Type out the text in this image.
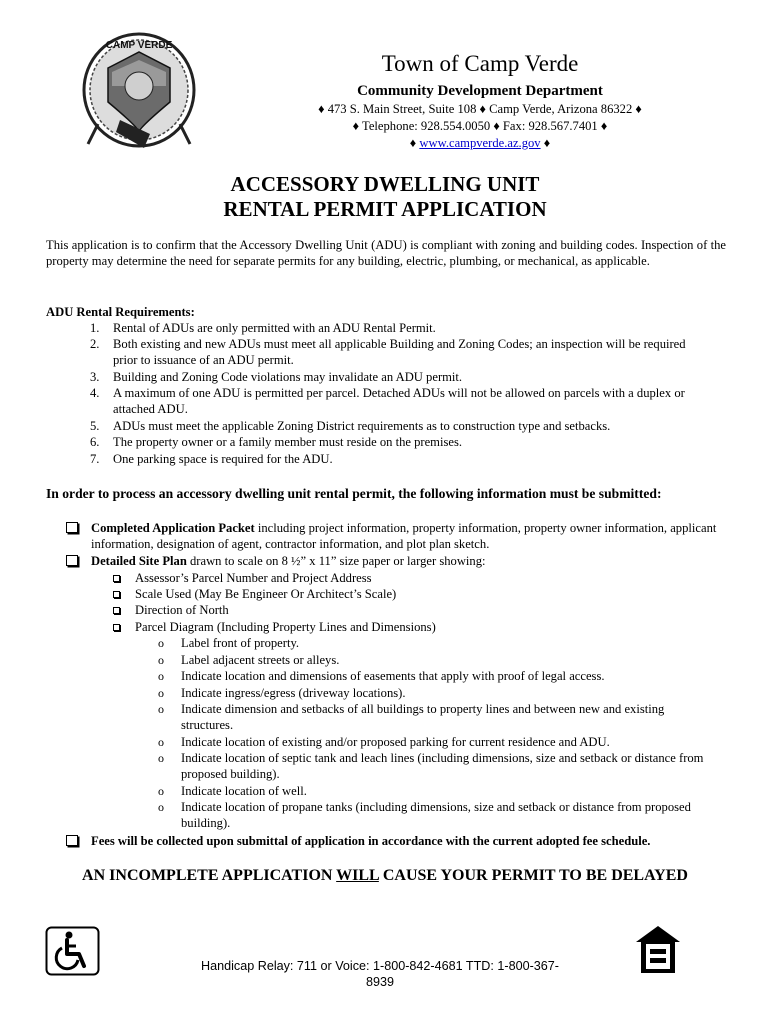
CAMP VERDE
Town of Camp Verde
Community Development Department
♦ 473 S. Main Street, Suite 108 ♦ Camp Verde, Arizona 86322 ♦
♦ Telephone: 928.554.0050 ♦ Fax: 928.567.7401 ♦
♦ www.campverde.az.gov ♦
ACCESSORY DWELLING UNIT
RENTAL PERMIT APPLICATION
This application is to confirm that the Accessory Dwelling Unit (ADU) is compliant with zoning and building codes. Inspection of the property may determine the need for separate permits for any building, electric, plumbing, or mechanical, as applicable.
ADU Rental Requirements:
1. Rental of ADUs are only permitted with an ADU Rental Permit.
2. Both existing and new ADUs must meet all applicable Building and Zoning Codes; an inspection will be required prior to issuance of an ADU permit.
3. Building and Zoning Code violations may invalidate an ADU permit.
4. A maximum of one ADU is permitted per parcel. Detached ADUs will not be allowed on parcels with a duplex or attached ADU.
5. ADUs must meet the applicable Zoning District requirements as to construction type and setbacks.
6. The property owner or a family member must reside on the premises.
7. One parking space is required for the ADU.
In order to process an accessory dwelling unit rental permit, the following information must be submitted:
Completed Application Packet including project information, property information, property owner information, applicant information, designation of agent, contractor information, and plot plan sketch.
Detailed Site Plan drawn to scale on 8 ½” x 11” size paper or larger showing:
Assessor’s Parcel Number and Project Address
Scale Used (May Be Engineer Or Architect’s Scale)
Direction of North
Parcel Diagram (Including Property Lines and Dimensions)
o Label front of property.
o Label adjacent streets or alleys.
o Indicate location and dimensions of easements that apply with proof of legal access.
o Indicate ingress/egress (driveway locations).
o Indicate dimension and setbacks of all buildings to property lines and between new and existing structures.
o Indicate location of existing and/or proposed parking for current residence and ADU.
o Indicate location of septic tank and leach lines (including dimensions, size and setback or distance from proposed building).
o Indicate location of well.
o Indicate location of propane tanks (including dimensions, size and setback or distance from proposed building).
Fees will be collected upon submittal of application in accordance with the current adopted fee schedule.
AN INCOMPLETE APPLICATION WILL CAUSE YOUR PERMIT TO BE DELAYED
Handicap Relay: 711 or Voice: 1-800-842-4681 TTD: 1-800-367-8939
